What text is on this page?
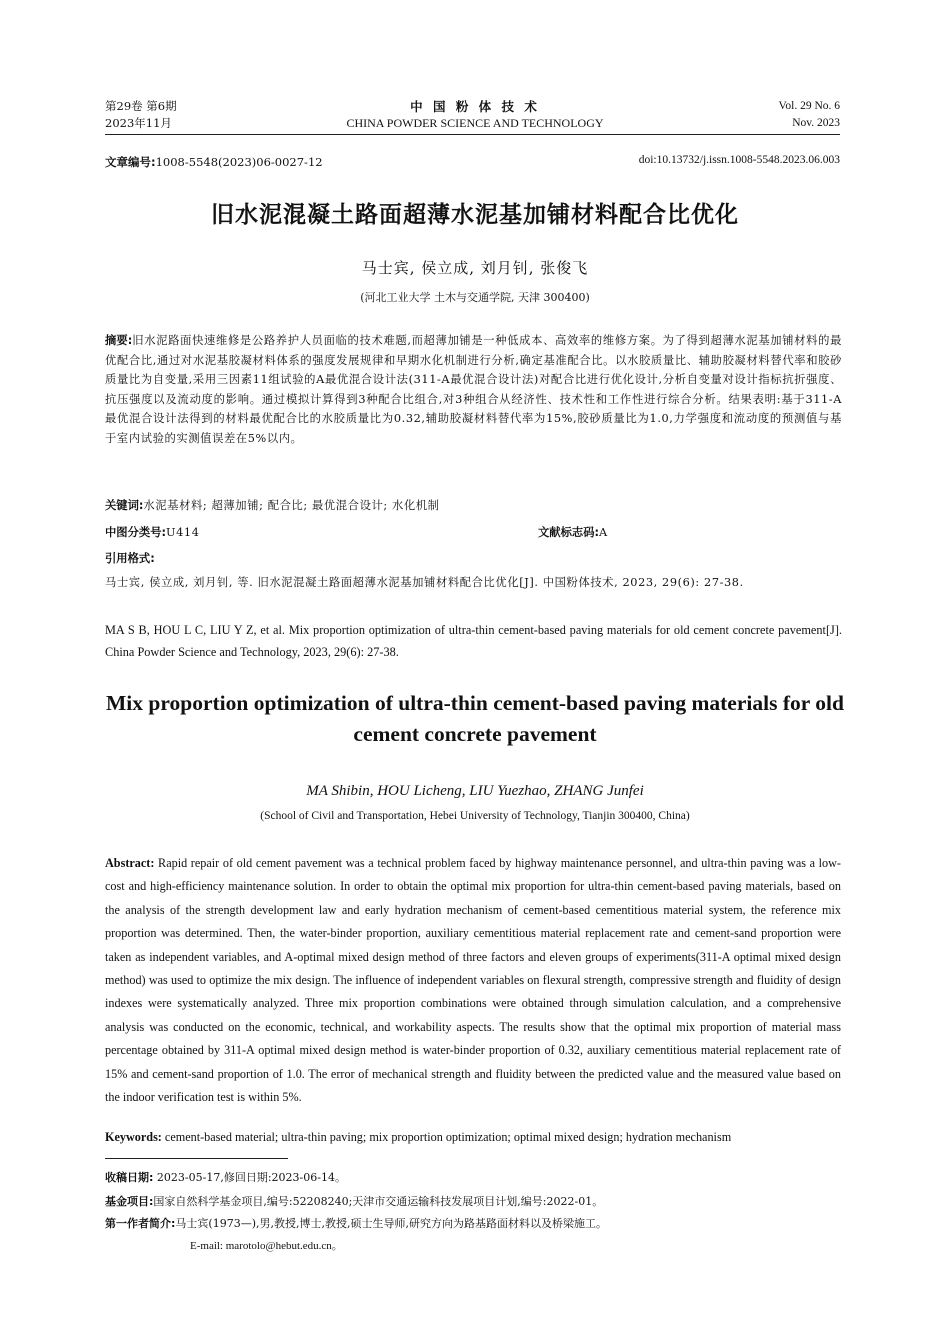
第29卷 第6期
2023年11月
中 国 粉 体 技 术
CHINA POWDER SCIENCE AND TECHNOLOGY
Vol. 29 No. 6
Nov. 2023
文章编号:1008-5548(2023)06-0027-12	doi:10.13732/j.issn.1008-5548.2023.06.003
旧水泥混凝土路面超薄水泥基加铺材料配合比优化
马士宾, 侯立成, 刘月钊, 张俊飞
(河北工业大学 土木与交通学院, 天津 300400)
摘要:旧水泥路面快速维修是公路养护人员面临的技术难题,而超薄加铺是一种低成本、高效率的维修方案。为了得到超薄水泥基加铺材料的最优配合比,通过对水泥基胶凝材料体系的强度发展规律和早期水化机制进行分析,确定基准配合比。以水胶质量比、辅助胶凝材料替代率和胶砂质量比为自变量,采用三因素11组试验的A最优混合设计法(311-A最优混合设计法)对配合比进行优化设计,分析自变量对设计指标抗折强度、抗压强度以及流动度的影响。通过模拟计算得到3种配合比组合,对3种组合从经济性、技术性和工作性进行综合分析。结果表明:基于311-A最优混合设计法得到的材料最优配合比的水胶质量比为0.32,辅助胶凝材料替代率为15%,胶砂质量比为1.0,力学强度和流动度的预测值与基于室内试验的实测值误差在5%以内。
关键词:水泥基材料; 超薄加铺; 配合比; 最优混合设计; 水化机制
中图分类号:U414	文献标志码:A
引用格式:
马士宾, 侯立成, 刘月钊, 等. 旧水泥混凝土路面超薄水泥基加铺材料配合比优化[J]. 中国粉体技术, 2023, 29(6): 27-38.
MA S B, HOU L C, LIU Y Z, et al. Mix proportion optimization of ultra-thin cement-based paving materials for old cement concrete pavement[J]. China Powder Science and Technology, 2023, 29(6): 27-38.
Mix proportion optimization of ultra-thin cement-based paving materials for old cement concrete pavement
MA Shibin, HOU Licheng, LIU Yuezhao, ZHANG Junfei
(School of Civil and Transportation, Hebei University of Technology, Tianjin 300400, China)
Abstract: Rapid repair of old cement pavement was a technical problem faced by highway maintenance personnel, and ultra-thin paving was a low-cost and high-efficiency maintenance solution. In order to obtain the optimal mix proportion for ultra-thin cement-based paving materials, based on the analysis of the strength development law and early hydration mechanism of cement-based cementitious material system, the reference mix proportion was determined. Then, the water-binder proportion, auxiliary cementitious material replacement rate and cement-sand proportion were taken as independent variables, and A-optimal mixed design method of three factors and eleven groups of experiments(311-A optimal mixed design method) was used to optimize the mix design. The influence of independent variables on flexural strength, compressive strength and fluidity of design indexes were systematically analyzed. Three mix proportion combinations were obtained through simulation calculation, and a comprehensive analysis was conducted on the economic, technical, and workability aspects. The results show that the optimal mix proportion of material mass percentage obtained by 311-A optimal mixed design method is water-binder proportion of 0.32, auxiliary cementitious material replacement rate of 15% and cement-sand proportion of 1.0. The error of mechanical strength and fluidity between the predicted value and the measured value based on the indoor verification test is within 5%.
Keywords: cement-based material; ultra-thin paving; mix proportion optimization; optimal mixed design; hydration mechanism
收稿日期: 2023-05-17,修回日期:2023-06-14。
基金项目:国家自然科学基金项目,编号:52208240;天津市交通运输科技发展项目计划,编号:2022-01。
第一作者简介:马士宾(1973—),男,教授,博士,教授,硕士生导师,研究方向为路基路面材料以及桥梁施工。
E-mail: marotolo@hebut.edu.cn。
